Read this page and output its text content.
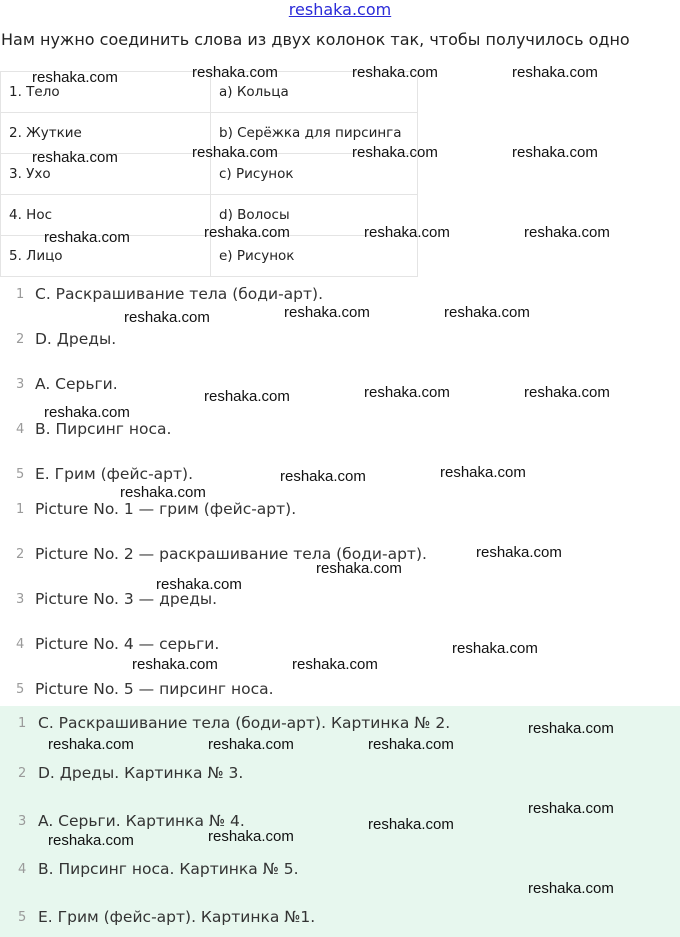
reshaka.com
Нам нужно соединить слова из двух колонок так, чтобы получилось одно
1. Тело	a) Кольца
2. Жуткие	b) Серёжка для пирсинга
3. Ухо	c) Рисунок
4. Нос	d) Волосы
5. Лицо	e) Рисунок
1 C. Раскрашивание тела (боди-арт).
2 D. Дреды.
3 A. Серьги.
4 B. Пирсинг носа.
5 E. Грим (фейс-арт).
1 Picture No. 1 — грим (фейс-арт).
2 Picture No. 2 — раскрашивание тела (боди-арт).
3 Picture No. 3 — дреды.
4 Picture No. 4 — серьги.
5 Picture No. 5 — пирсинг носа.
1 C. Раскрашивание тела (боди-арт). Картинка № 2.
2 D. Дреды. Картинка № 3.
3 A. Серьги. Картинка № 4.
4 B. Пирсинг носа. Картинка № 5.
5 E. Грим (фейс-арт). Картинка №1.
reshaka.com	reshaka.com	reshaka.com	reshaka.com
reshaka.com	reshaka.com	reshaka.com	reshaka.com
reshaka.com	reshaka.com	reshaka.com	reshaka.com
reshaka.com	reshaka.com	reshaka.com
reshaka.com	reshaka.com	reshaka.com
reshaka.com
reshaka.com	reshaka.com
reshaka.com
reshaka.com
reshaka.com
reshaka.com
reshaka.com
reshaka.com	reshaka.com
reshaka.com
reshaka.com	reshaka.com	reshaka.com
reshaka.com
reshaka.com
reshaka.com
reshaka.com
reshaka.com
